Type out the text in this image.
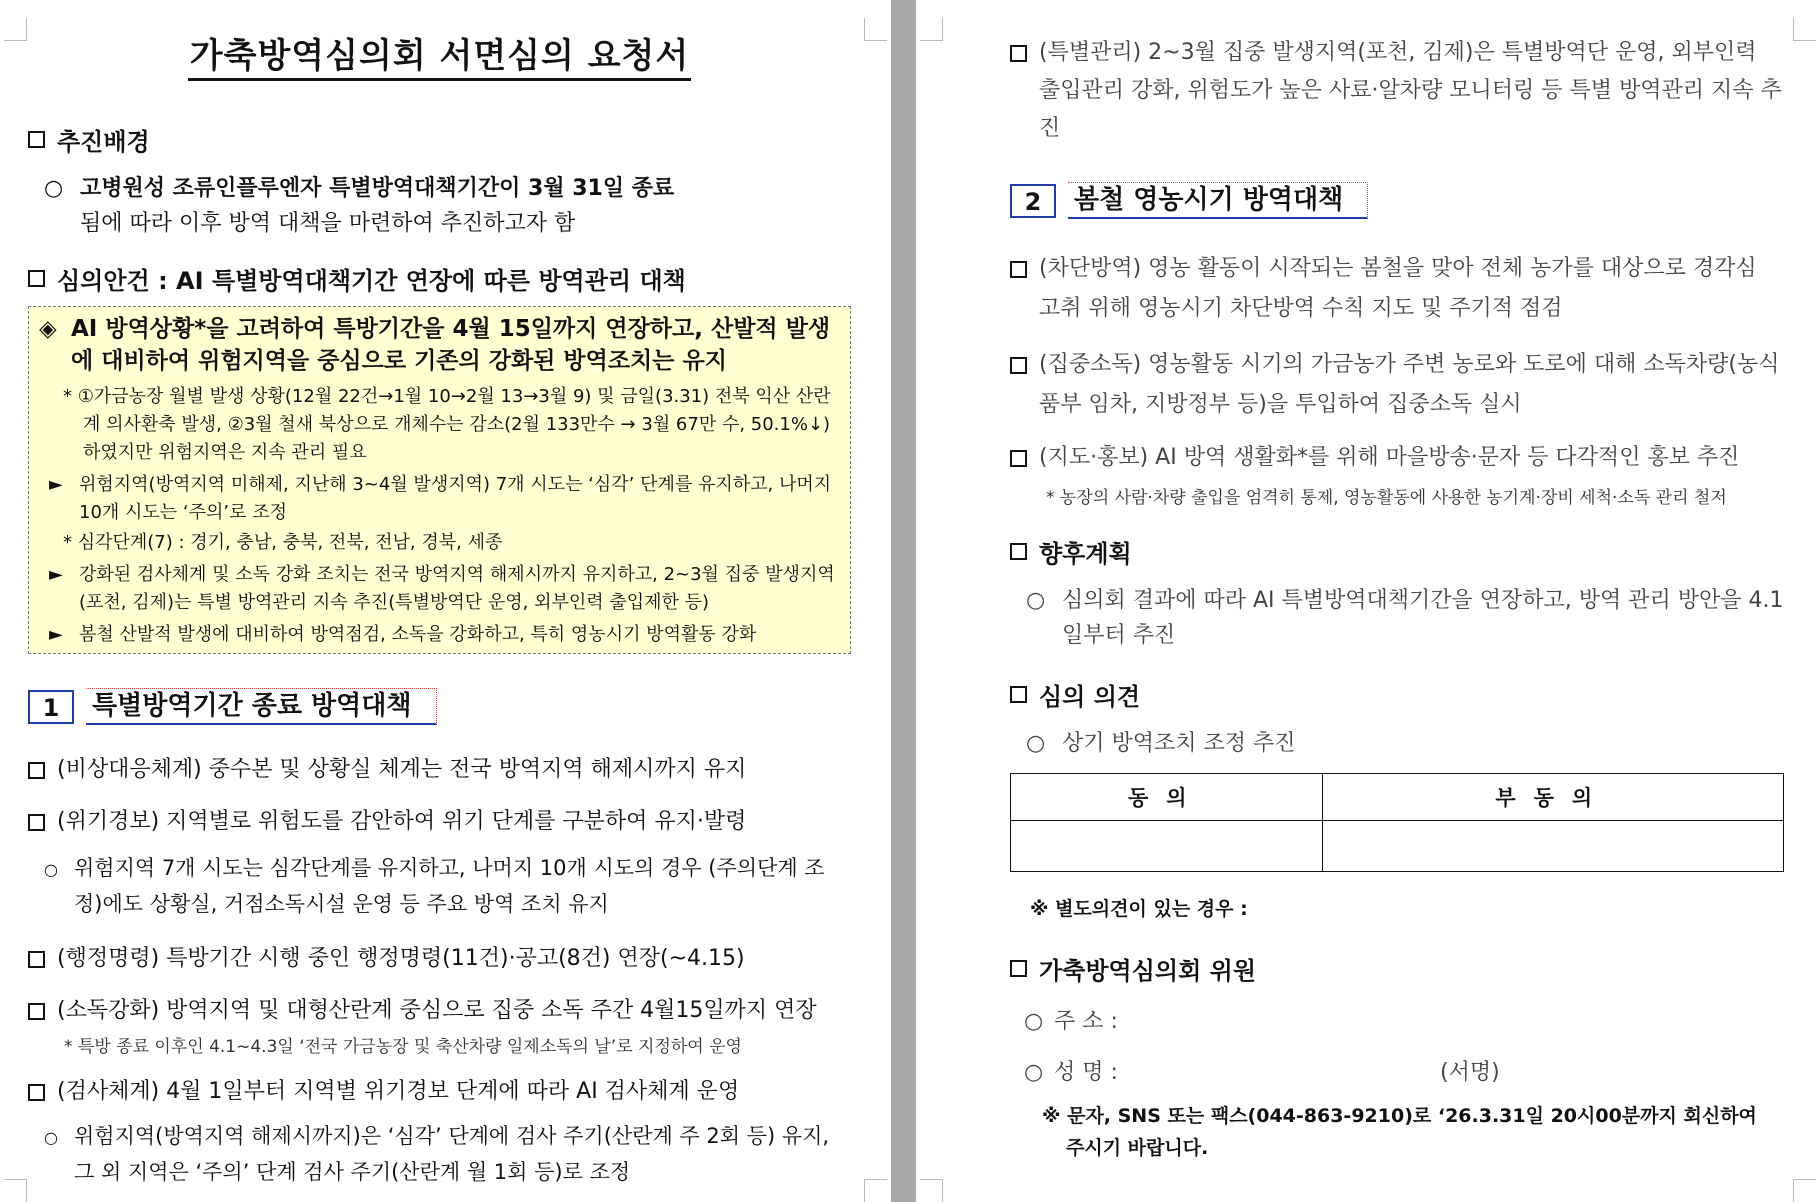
가축방역심의회 서면심의 요청서
추진배경
○ 고병원성 조류인플루엔자 특별방역대책기간이 3월 31일 종료
됨에 따라 이후 방역 대책을 마련하여 추진하고자 함
심의안건 : AI 특별방역대책기간 연장에 따른 방역관리 대책
◈ AI 방역상황*을 고려하여 특방기간을 4월 15일까지 연장하고, 산발적 발생에 대비하여 위험지역을 중심으로 기존의 강화된 방역조치는 유지
* ①가금농장 월별 발생 상황(12월 22건→1월 10→2월 13→3월 9) 및 금일(3.31) 전북 익산 산란계 의사환축 발생, ②3월 철새 북상으로 개체수는 감소(2월 133만수 → 3월 67만 수, 50.1%↓)하였지만 위험지역은 지속 관리 필요
► 위험지역(방역지역 미해제, 지난해 3~4월 발생지역) 7개 시도는 ‘심각’ 단계를 유지하고, 나머지 10개 시도는 ‘주의’로 조정
* 심각단계(7) : 경기, 충남, 충북, 전북, 전남, 경북, 세종
► 강화된 검사체계 및 소독 강화 조치는 전국 방역지역 해제시까지 유지하고, 2~3월 집중 발생지역(포천, 김제)는 특별 방역관리 지속 추진(특별방역단 운영, 외부인력 출입제한 등)
► 봄철 산발적 발생에 대비하여 방역점검, 소독을 강화하고, 특히 영농시기 방역활동 강화
1	특별방역기간 종료 방역대책
(비상대응체계) 중수본 및 상황실 체계는 전국 방역지역 해제시까지 유지
(위기경보) 지역별로 위험도를 감안하여 위기 단계를 구분하여 유지·발령
○ 위험지역 7개 시도는 심각단계를 유지하고, 나머지 10개 시도의 경우 (주의단계 조정)에도 상황실, 거점소독시설 운영 등 주요 방역 조치 유지
(행정명령) 특방기간 시행 중인 행정명령(11건)·공고(8건) 연장(~4.15)
(소독강화) 방역지역 및 대형산란계 중심으로 집중 소독 주간 4월15일까지 연장
* 특방 종료 이후인 4.1~4.3일 ‘전국 가금농장 및 축산차량 일제소독의 날’로 지정하여 운영
(검사체계) 4월 1일부터 지역별 위기경보 단계에 따라 AI 검사체계 운영
○ 위험지역(방역지역 해제시까지)은 ‘심각’ 단계에 검사 주기(산란계 주 2회 등) 유지, 그 외 지역은 ‘주의’ 단계 검사 주기(산란계 월 1회 등)로 조정
(특별관리) 2~3월 집중 발생지역(포천, 김제)은 특별방역단 운영, 외부인력 출입관리 강화, 위험도가 높은 사료·알차량 모니터링 등 특별 방역관리 지속 추진
2	봄철 영농시기 방역대책
(차단방역) 영농 활동이 시작되는 봄철을 맞아 전체 농가를 대상으로 경각심 고취 위해 영농시기 차단방역 수칙 지도 및 주기적 점검
(집중소독) 영농활동 시기의 가금농가 주변 농로와 도로에 대해 소독차량(농식품부 임차, 지방정부 등)을 투입하여 집중소독 실시
(지도·홍보) AI 방역 생활화*를 위해 마을방송·문자 등 다각적인 홍보 추진
* 농장의 사람·차량 출입을 엄격히 통제, 영농활동에 사용한 농기계·장비 세척·소독 관리 철저
향후계획
○ 심의회 결과에 따라 AI 특별방역대책기간을 연장하고, 방역 관리 방안을 4.1일부터 추진
심의 의견
○ 상기 방역조치 조정 추진
동의	부동의

※ 별도의견이 있는 경우 :
가축방역심의회 위원
○ 주 소 :
○ 성 명 :	(서명)
※ 문자, SNS 또는 팩스(044-863-9210)로 ‘26.3.31일 20시00분까지 회신하여 주시기 바랍니다.
